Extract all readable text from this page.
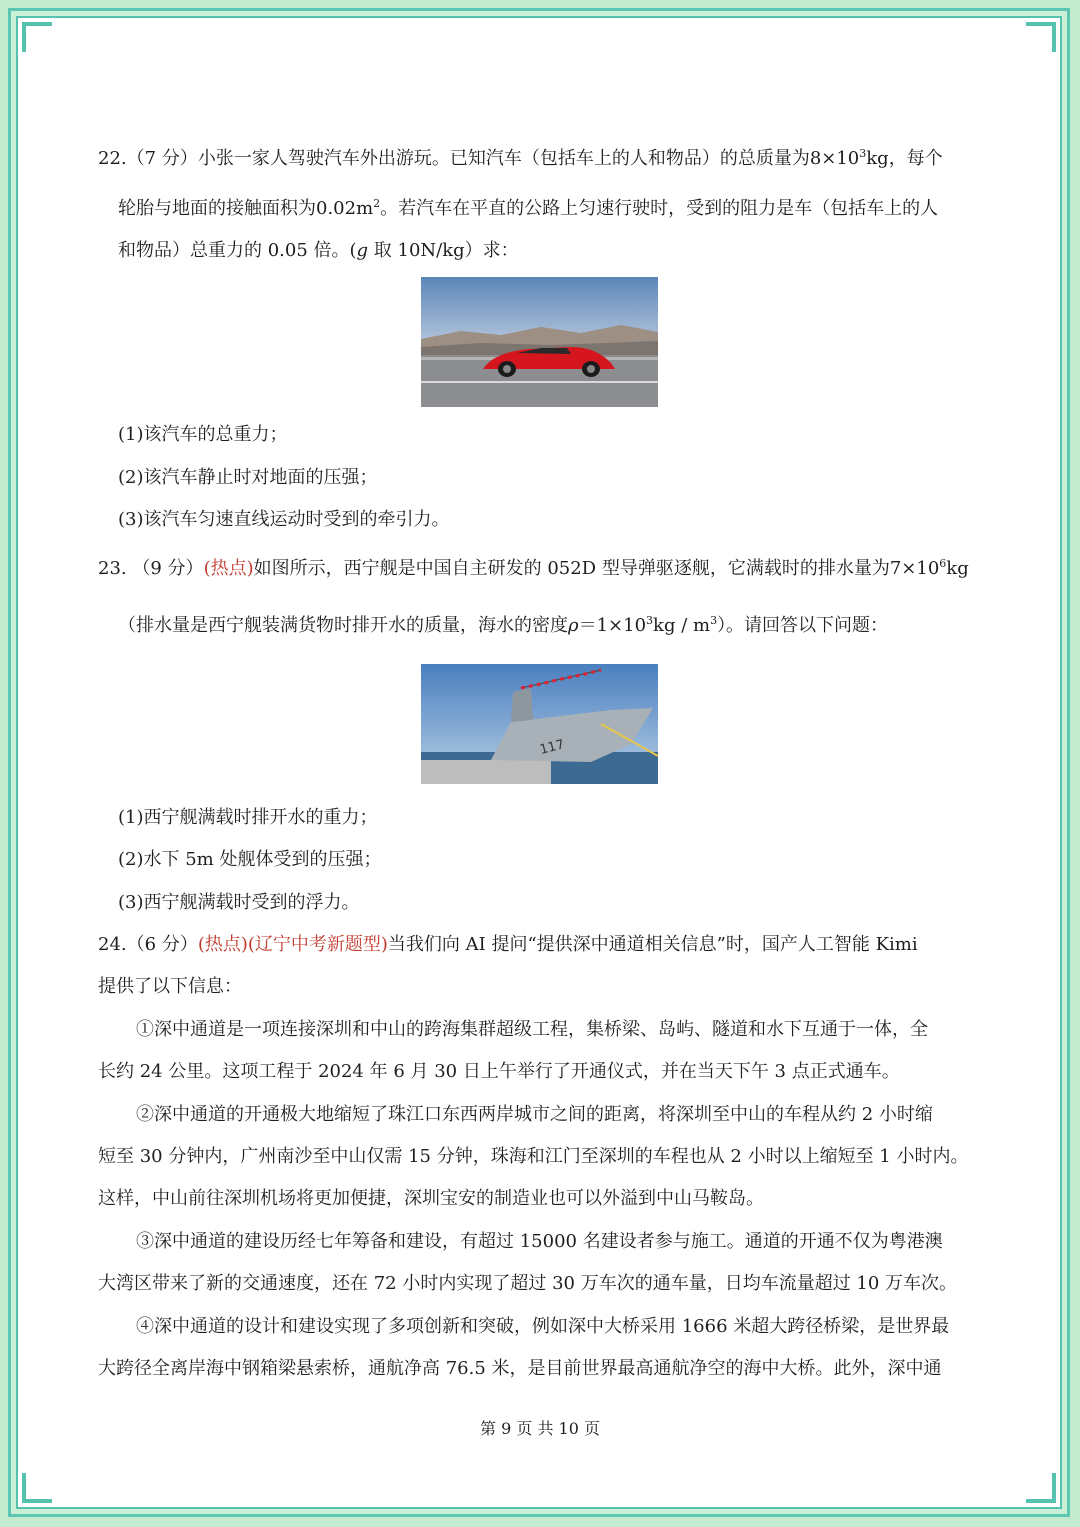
22.（7 分）小张一家人驾驶汽车外出游玩。已知汽车（包括车上的人和物品）的总质量为$8\times 10^3kg$，每个
轮胎与地面的接触面积为$0.02m^2$。若汽车在平直的公路上匀速行驶时，受到的阻力是车（包括车上的人
和物品）总重力的 0.05 倍。(g 取 10N/kg）求：
(1)该汽车的总重力；
(2)该汽车静止时对地面的压强；
(3)该汽车匀速直线运动时受到的牵引力。
23. （9 分）(热点)如图所示，西宁舰是中国自主研发的 052D 型导弹驱逐舰，它满载时的排水量为$7\times 10^6kg$
（排水量是西宁舰装满货物时排开水的质量，海水的密度$\rho=1\times 10^3kg / m^3$）。请回答以下问题：
117
(1)西宁舰满载时排开水的重力；
(2)水下 5m 处舰体受到的压强；
(3)西宁舰满载时受到的浮力。
24.（6 分）(热点)(辽宁中考新题型)当我们向 AI 提问“提供深中通道相关信息”时，国产人工智能 Kimi
提供了以下信息：
①深中通道是一项连接深圳和中山的跨海集群超级工程，集桥梁、岛屿、隧道和水下互通于一体，全
长约 24 公里。这项工程于 2024 年 6 月 30 日上午举行了开通仪式，并在当天下午 3 点正式通车。
②深中通道的开通极大地缩短了珠江口东西两岸城市之间的距离，将深圳至中山的车程从约 2 小时缩
短至 30 分钟内，广州南沙至中山仅需 15 分钟，珠海和江门至深圳的车程也从 2 小时以上缩短至 1 小时内。
这样，中山前往深圳机场将更加便捷，深圳宝安的制造业也可以外溢到中山马鞍岛。
③深中通道的建设历经七年筹备和建设，有超过 15000 名建设者参与施工。通道的开通不仅为粤港澳
大湾区带来了新的交通速度，还在 72 小时内实现了超过 30 万车次的通车量，日均车流量超过 10 万车次。
④深中通道的设计和建设实现了多项创新和突破，例如深中大桥采用 1666 米超大跨径桥梁，是世界最
大跨径全离岸海中钢箱梁悬索桥，通航净高 76.5 米，是目前世界最高通航净空的海中大桥。此外，深中通
第 9 页 共 10 页
